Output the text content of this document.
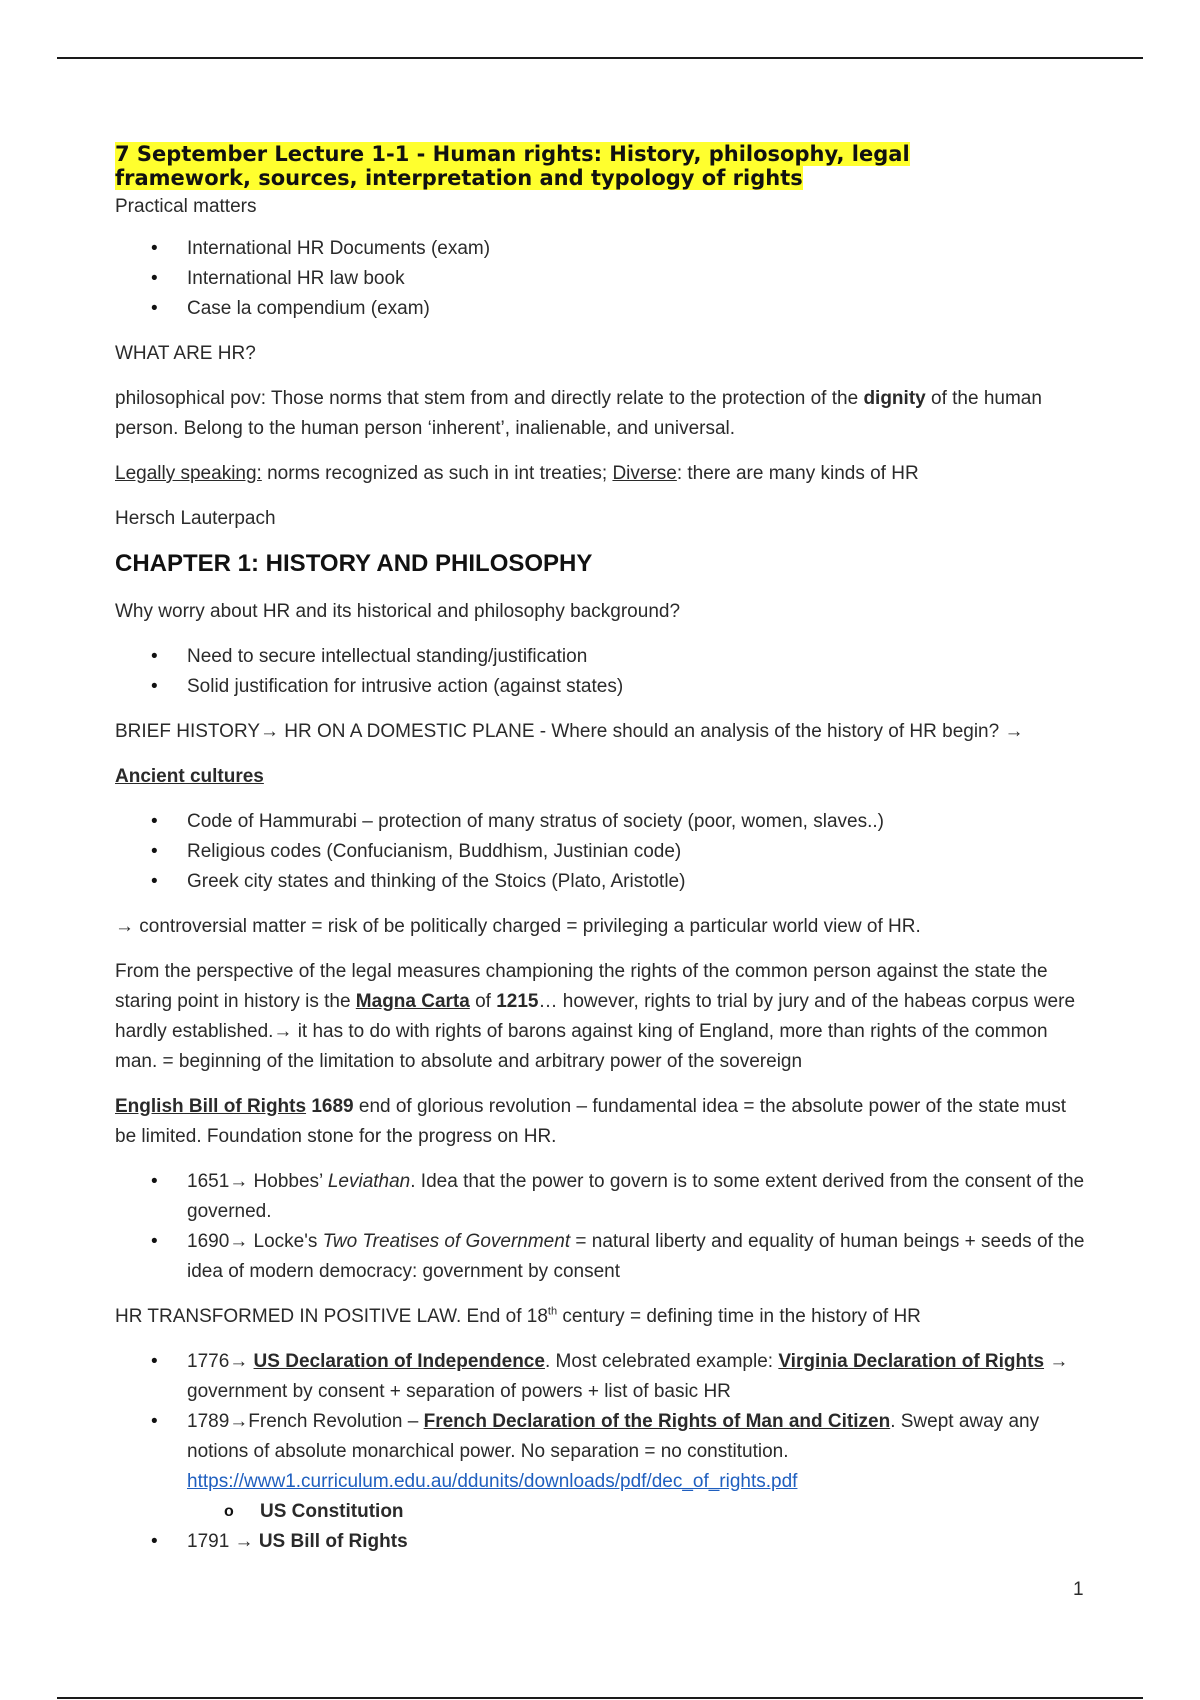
7 September Lecture 1-1 - Human rights: History, philosophy, legal
framework, sources, interpretation and typology of rights

Practical matters

• International HR Documents (exam)
• International HR law book
• Case la compendium (exam)

WHAT ARE HR?

philosophical pov: Those norms that stem from and directly relate to the protection of the dignity of the human person. Belong to the human person ‘inherent’, inalienable, and universal.

Legally speaking: norms recognized as such in int treaties; Diverse: there are many kinds of HR

Hersch Lauterpach

CHAPTER 1: HISTORY AND PHILOSOPHY

Why worry about HR and its historical and philosophy background?

• Need to secure intellectual standing/justification
• Solid justification for intrusive action (against states)

BRIEF HISTORY→ HR ON A DOMESTIC PLANE - Where should an analysis of the history of HR begin? →

Ancient cultures

• Code of Hammurabi – protection of many stratus of society (poor, women, slaves..)
• Religious codes (Confucianism, Buddhism, Justinian code)
• Greek city states and thinking of the Stoics (Plato, Aristotle)

→ controversial matter = risk of be politically charged = privileging a particular world view of HR.

From the perspective of the legal measures championing the rights of the common person against the state the staring point in history is the Magna Carta of 1215… however, rights to trial by jury and of the habeas corpus were hardly established.→ it has to do with rights of barons against king of England, more than rights of the common man. = beginning of the limitation to absolute and arbitrary power of the sovereign

English Bill of Rights 1689 end of glorious revolution – fundamental idea = the absolute power of the state must be limited. Foundation stone for the progress on HR.

• 1651→ Hobbes’ Leviathan. Idea that the power to govern is to some extent derived from the consent of the governed.
• 1690→ Locke's Two Treatises of Government = natural liberty and equality of human beings + seeds of the idea of modern democracy: government by consent

HR TRANSFORMED IN POSITIVE LAW. End of 18th century = defining time in the history of HR

• 1776→ US Declaration of Independence. Most celebrated example: Virginia Declaration of Rights → government by consent + separation of powers + list of basic HR
• 1789→French Revolution – French Declaration of the Rights of Man and Citizen. Swept away any notions of absolute monarchical power. No separation = no constitution.
https://www1.curriculum.edu.au/ddunits/downloads/pdf/dec_of_rights.pdf
o US Constitution
• 1791 → US Bill of Rights
1
